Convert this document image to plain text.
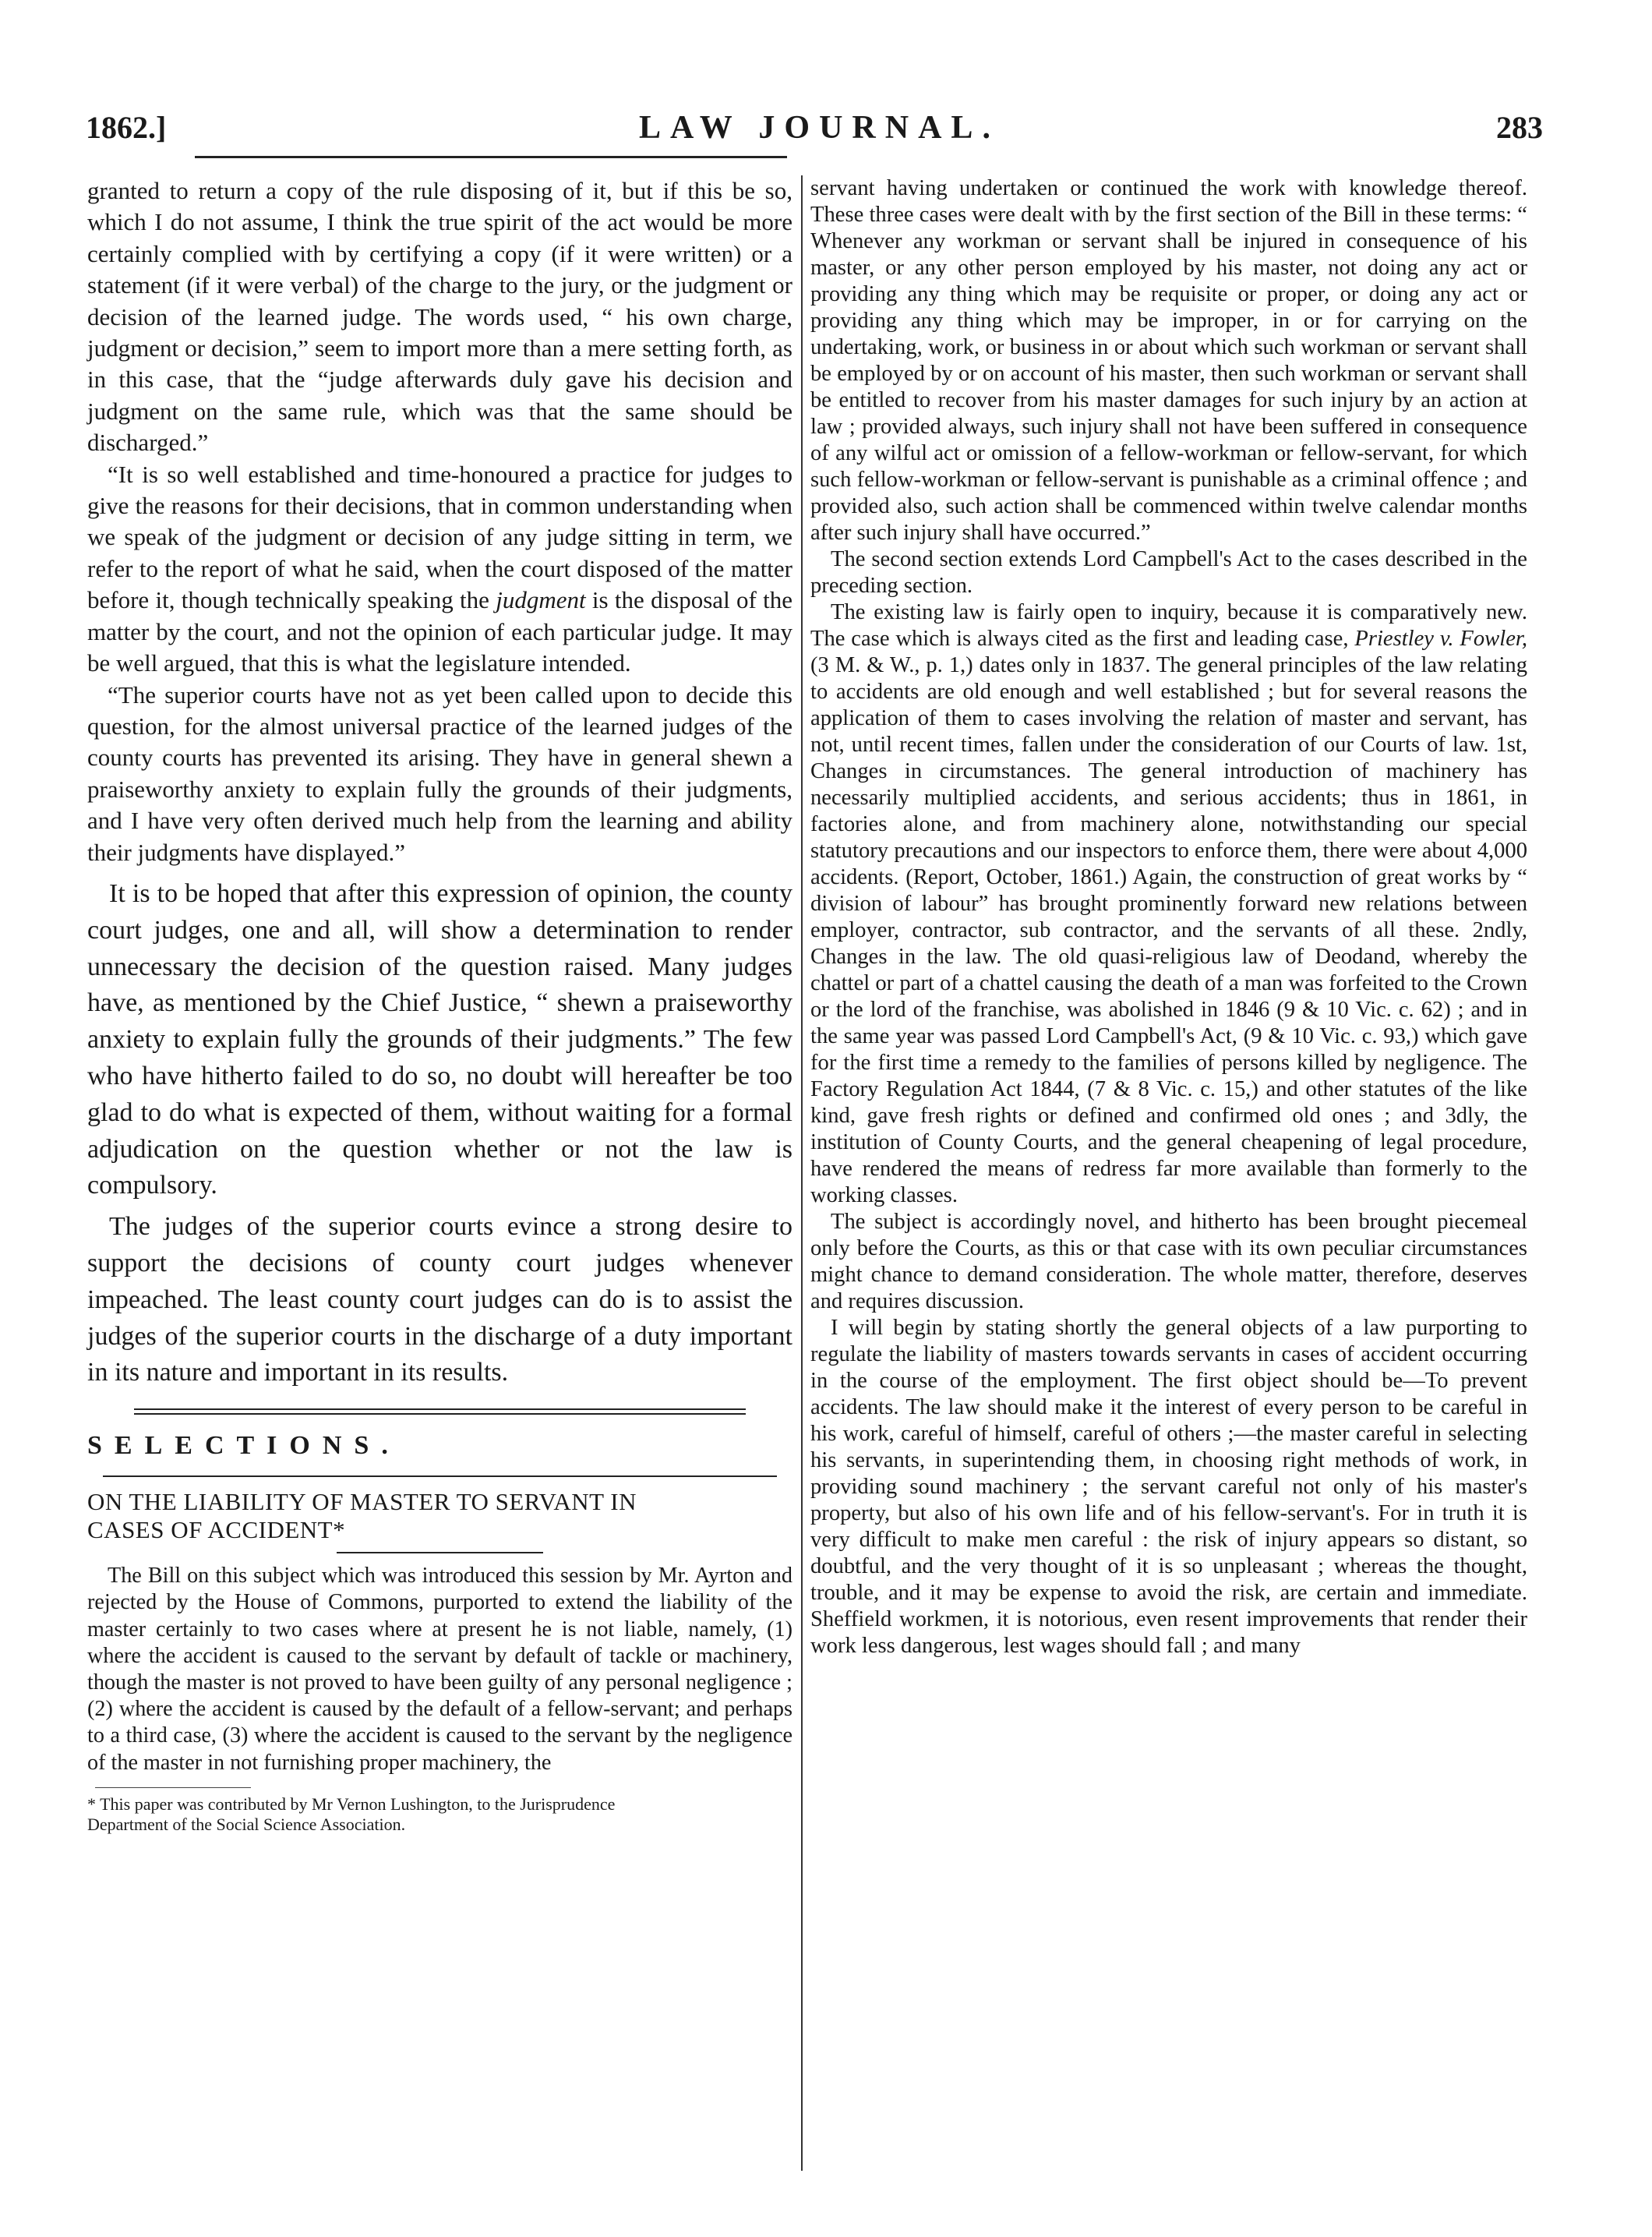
1862.]	LAW JOURNAL.	283

granted to return a copy of the rule disposing of it, but if this be so, which I do not assume, I think the true spirit of the act would be more certainly complied with by certifying a copy (if it were written) or a statement (if it were verbal) of the charge to the jury, or the judgment or decision of the learned judge. The words used, “ his own charge, judgment or decision,” seem to import more than a mere setting forth, as in this case, that the “judge afterwards duly gave his decision and judgment on the same rule, which was that the same should be discharged.”

“It is so well established and time-honoured a practice for judges to give the reasons for their decisions, that in common understanding when we speak of the judgment or decision of any judge sitting in term, we refer to the report of what he said, when the court disposed of the matter before it, though technically speaking the judgment is the disposal of the matter by the court, and not the opinion of each particular judge. It may be well argued, that this is what the legislature intended.

“The superior courts have not as yet been called upon to decide this question, for the almost universal practice of the learned judges of the county courts has prevented its arising. They have in general shewn a praiseworthy anxiety to explain fully the grounds of their judgments, and I have very often derived much help from the learning and ability their judgments have displayed.”

It is to be hoped that after this expression of opinion, the county court judges, one and all, will show a determination to render unnecessary the decision of the question raised. Many judges have, as mentioned by the Chief Justice, “ shewn a praiseworthy anxiety to explain fully the grounds of their judgments.” The few who have hitherto failed to do so, no doubt will hereafter be too glad to do what is expected of them, without waiting for a formal adjudication on the question whether or not the law is compulsory.

The judges of the superior courts evince a strong desire to support the decisions of county court judges whenever impeached. The least county court judges can do is to assist the judges of the superior courts in the discharge of a duty important in its nature and important in its results.

SELECTIONS.

ON THE LIABILITY OF MASTER TO SERVANT IN
CASES OF ACCIDENT*

The Bill on this subject which was introduced this session by Mr. Ayrton and rejected by the House of Commons, purported to extend the liability of the master certainly to two cases where at present he is not liable, namely, (1) where the accident is caused to the servant by default of tackle or machinery, though the master is not proved to have been guilty of any personal negligence ; (2) where the accident is caused by the default of a fellow-servant; and perhaps to a third case, (3) where the accident is caused to the servant by the negligence of the master in not furnishing proper machinery, the

* This paper was contributed by Mr Vernon Lushington, to the Jurisprudence
Department of the Social Science Association.

servant having undertaken or continued the work with knowledge thereof. These three cases were dealt with by the first section of the Bill in these terms: “ Whenever any workman or servant shall be injured in consequence of his master, or any other person employed by his master, not doing any act or providing any thing which may be requisite or proper, or doing any act or providing any thing which may be improper, in or for carrying on the undertaking, work, or business in or about which such workman or servant shall be employed by or on account of his master, then such workman or servant shall be entitled to recover from his master damages for such injury by an action at law ; provided always, such injury shall not have been suffered in consequence of any wilful act or omission of a fellow-workman or fellow-servant, for which such fellow-workman or fellow-servant is punishable as a criminal offence ; and provided also, such action shall be commenced within twelve calendar months after such injury shall have occurred.”

The second section extends Lord Campbell's Act to the cases described in the preceding section.

The existing law is fairly open to inquiry, because it is comparatively new. The case which is always cited as the first and leading case, Priestley v. Fowler, (3 M. & W., p. 1,) dates only in 1837. The general principles of the law relating to accidents are old enough and well established ; but for several reasons the application of them to cases involving the relation of master and servant, has not, until recent times, fallen under the consideration of our Courts of law. 1st, Changes in circumstances. The general introduction of machinery has necessarily multiplied accidents, and serious accidents; thus in 1861, in factories alone, and from machinery alone, notwithstanding our special statutory precautions and our inspectors to enforce them, there were about 4,000 accidents. (Report, October, 1861.) Again, the construction of great works by “ division of labour” has brought prominently forward new relations between employer, contractor, sub contractor, and the servants of all these. 2ndly, Changes in the law. The old quasi-religious law of Deodand, whereby the chattel or part of a chattel causing the death of a man was forfeited to the Crown or the lord of the franchise, was abolished in 1846 (9 & 10 Vic. c. 62) ; and in the same year was passed Lord Campbell's Act, (9 & 10 Vic. c. 93,) which gave for the first time a remedy to the families of persons killed by negligence. The Factory Regulation Act 1844, (7 & 8 Vic. c. 15,) and other statutes of the like kind, gave fresh rights or defined and confirmed old ones ; and 3dly, the institution of County Courts, and the general cheapening of legal procedure, have rendered the means of redress far more available than formerly to the working classes.

The subject is accordingly novel, and hitherto has been brought piecemeal only before the Courts, as this or that case with its own peculiar circumstances might chance to demand consideration. The whole matter, therefore, deserves and requires discussion.

I will begin by stating shortly the general objects of a law purporting to regulate the liability of masters towards servants in cases of accident occurring in the course of the employment. The first object should be—To prevent accidents. The law should make it the interest of every person to be careful in his work, careful of himself, careful of others ;—the master careful in selecting his servants, in superintending them, in choosing right methods of work, in providing sound machinery ; the servant careful not only of his master's property, but also of his own life and of his fellow-servant's. For in truth it is very difficult to make men careful : the risk of injury appears so distant, so doubtful, and the very thought of it is so unpleasant ; whereas the thought, trouble, and it may be expense to avoid the risk, are certain and immediate. Sheffield workmen, it is notorious, even resent improvements that render their work less dangerous, lest wages should fall ; and many
